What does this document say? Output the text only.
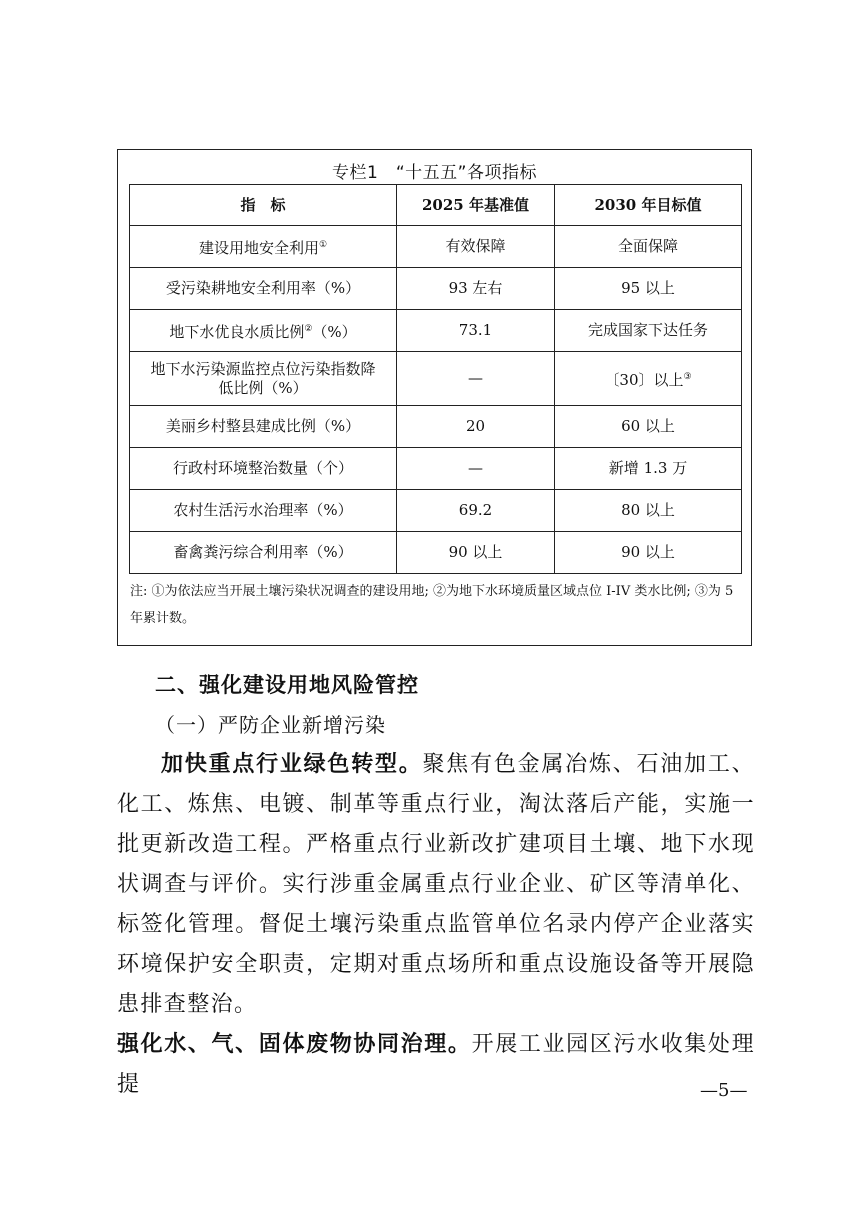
专栏1　“十五五”各项指标
指　标	2025 年基准值	2030 年目标值
建设用地安全利用①	有效保障	全面保障
受污染耕地安全利用率（%）	93 左右	95 以上
地下水优良水质比例②（%）	73.1	完成国家下达任务
地下水污染源监控点位污染指数降低比例（%）	—	〔30〕以上③
美丽乡村整县建成比例（%）	20	60 以上
行政村环境整治数量（个）	—	新增 1.3 万
农村生活污水治理率（%）	69.2	80 以上
畜禽粪污综合利用率（%）	90 以上	90 以上
注: ①为依法应当开展土壤污染状况调查的建设用地; ②为地下水环境质量区域点位 I-IV 类水比例; ③为 5 年累计数。
二、强化建设用地风险管控
（一）严防企业新增污染

加快重点行业绿色转型。聚焦有色金属冶炼、石油加工、化工、炼焦、电镀、制革等重点行业，淘汰落后产能，实施一批更新改造工程。严格重点行业新改扩建项目土壤、地下水现状调查与评价。实行涉重金属重点行业企业、矿区等清单化、标签化管理。督促土壤污染重点监管单位名录内停产企业落实环境保护安全职责，定期对重点场所和重点设施设备等开展隐患排查整治。

强化水、气、固体废物协同治理。开展工业园区污水收集处理提	—5—
